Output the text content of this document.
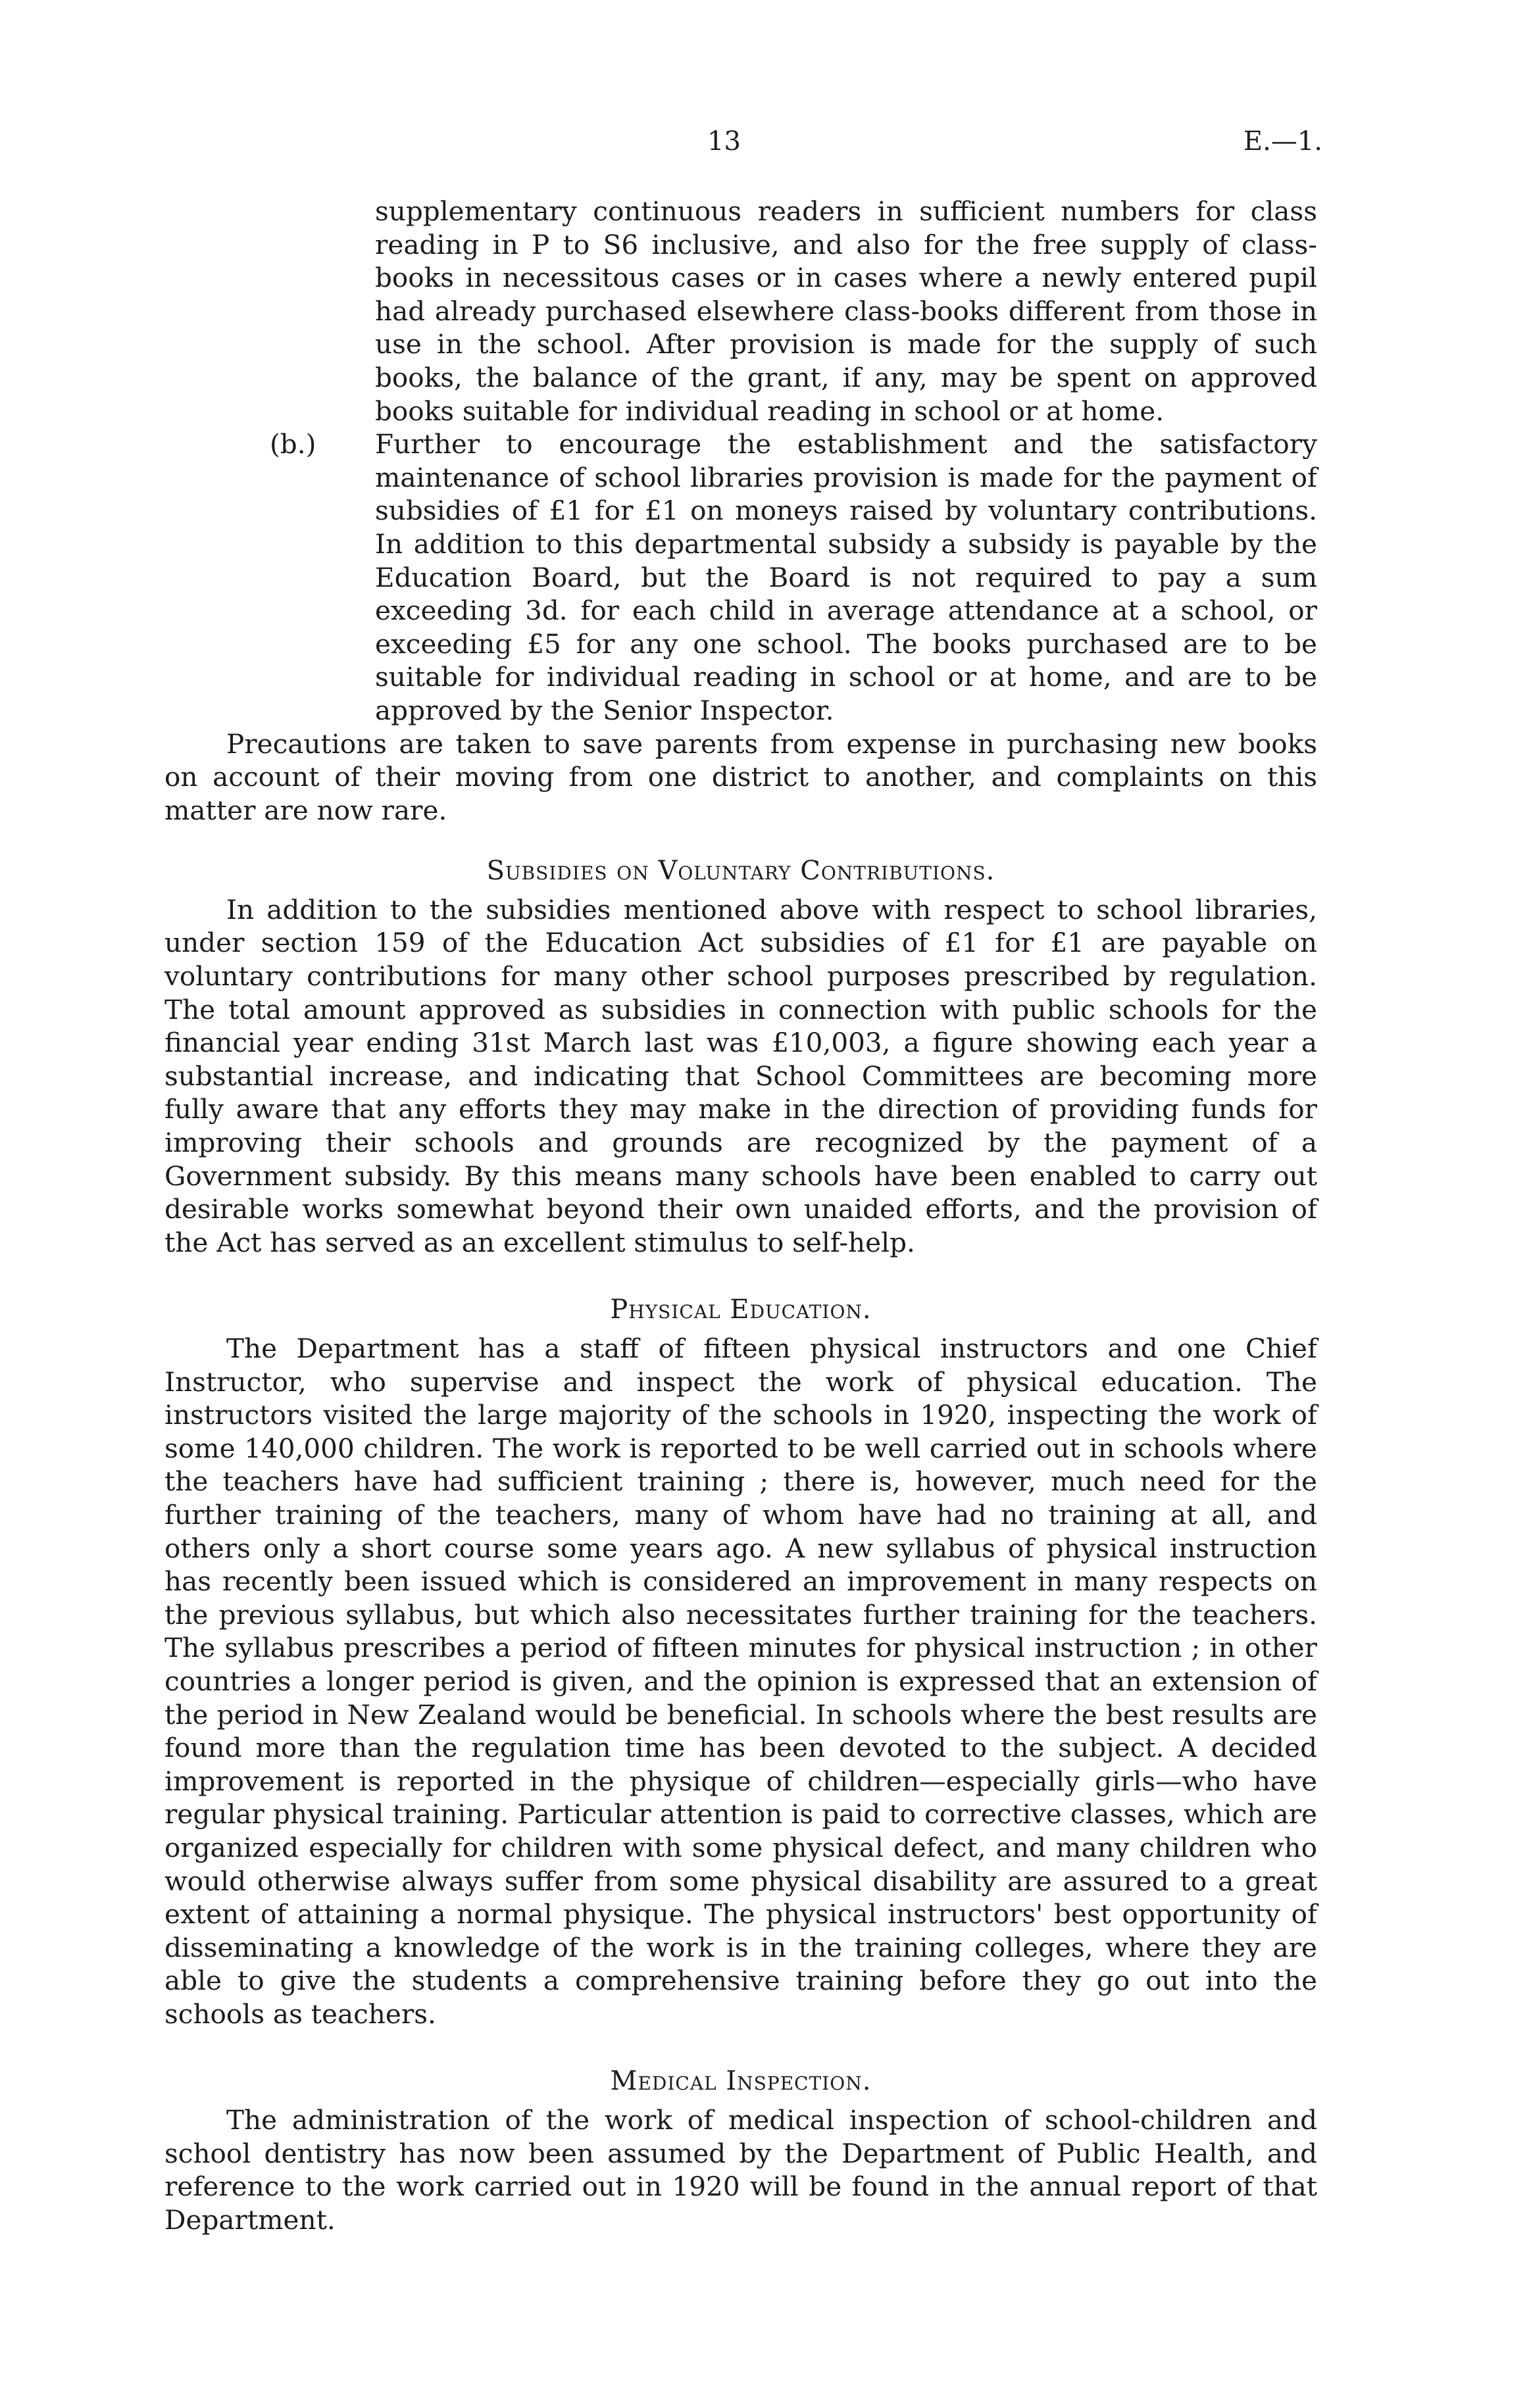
13	E.—1.

supplementary continuous readers in sufficient numbers for class reading in P to S6 inclusive, and also for the free supply of class-books in necessitous cases or in cases where a newly entered pupil had already purchased elsewhere class-books different from those in use in the school. After provision is made for the supply of such books, the balance of the grant, if any, may be spent on approved books suitable for individual reading in school or at home.

(b.) Further to encourage the establishment and the satisfactory maintenance of school libraries provision is made for the payment of subsidies of £1 for £1 on moneys raised by voluntary contributions. In addition to this departmental subsidy a subsidy is payable by the Education Board, but the Board is not required to pay a sum exceeding 3d. for each child in average attendance at a school, or exceeding £5 for any one school. The books purchased are to be suitable for individual reading in school or at home, and are to be approved by the Senior Inspector.

Precautions are taken to save parents from expense in purchasing new books on account of their moving from one district to another, and complaints on this matter are now rare.

Subsidies on Voluntary Contributions.

In addition to the subsidies mentioned above with respect to school libraries, under section 159 of the Education Act subsidies of £1 for £1 are payable on voluntary contributions for many other school purposes prescribed by regulation. The total amount approved as subsidies in connection with public schools for the financial year ending 31st March last was £10,003, a figure showing each year a substantial increase, and indicating that School Committees are becoming more fully aware that any efforts they may make in the direction of providing funds for improving their schools and grounds are recognized by the payment of a Government subsidy. By this means many schools have been enabled to carry out desirable works somewhat beyond their own unaided efforts, and the provision of the Act has served as an excellent stimulus to self-help.

Physical Education.

The Department has a staff of fifteen physical instructors and one Chief Instructor, who supervise and inspect the work of physical education. The instructors visited the large majority of the schools in 1920, inspecting the work of some 140,000 children. The work is reported to be well carried out in schools where the teachers have had sufficient training ; there is, however, much need for the further training of the teachers, many of whom have had no training at all, and others only a short course some years ago. A new syllabus of physical instruction has recently been issued which is considered an improvement in many respects on the previous syllabus, but which also necessitates further training for the teachers. The syllabus prescribes a period of fifteen minutes for physical instruction ; in other countries a longer period is given, and the opinion is expressed that an extension of the period in New Zealand would be beneficial. In schools where the best results are found more than the regulation time has been devoted to the subject. A decided improvement is reported in the physique of children—especially girls—who have regular physical training. Particular attention is paid to corrective classes, which are organized especially for children with some physical defect, and many children who would otherwise always suffer from some physical disability are assured to a great extent of attaining a normal physique. The physical instructors' best opportunity of disseminating a knowledge of the work is in the training colleges, where they are able to give the students a comprehensive training before they go out into the schools as teachers.

Medical Inspection.

The administration of the work of medical inspection of school-children and school dentistry has now been assumed by the Department of Public Health, and reference to the work carried out in 1920 will be found in the annual report of that Department.
